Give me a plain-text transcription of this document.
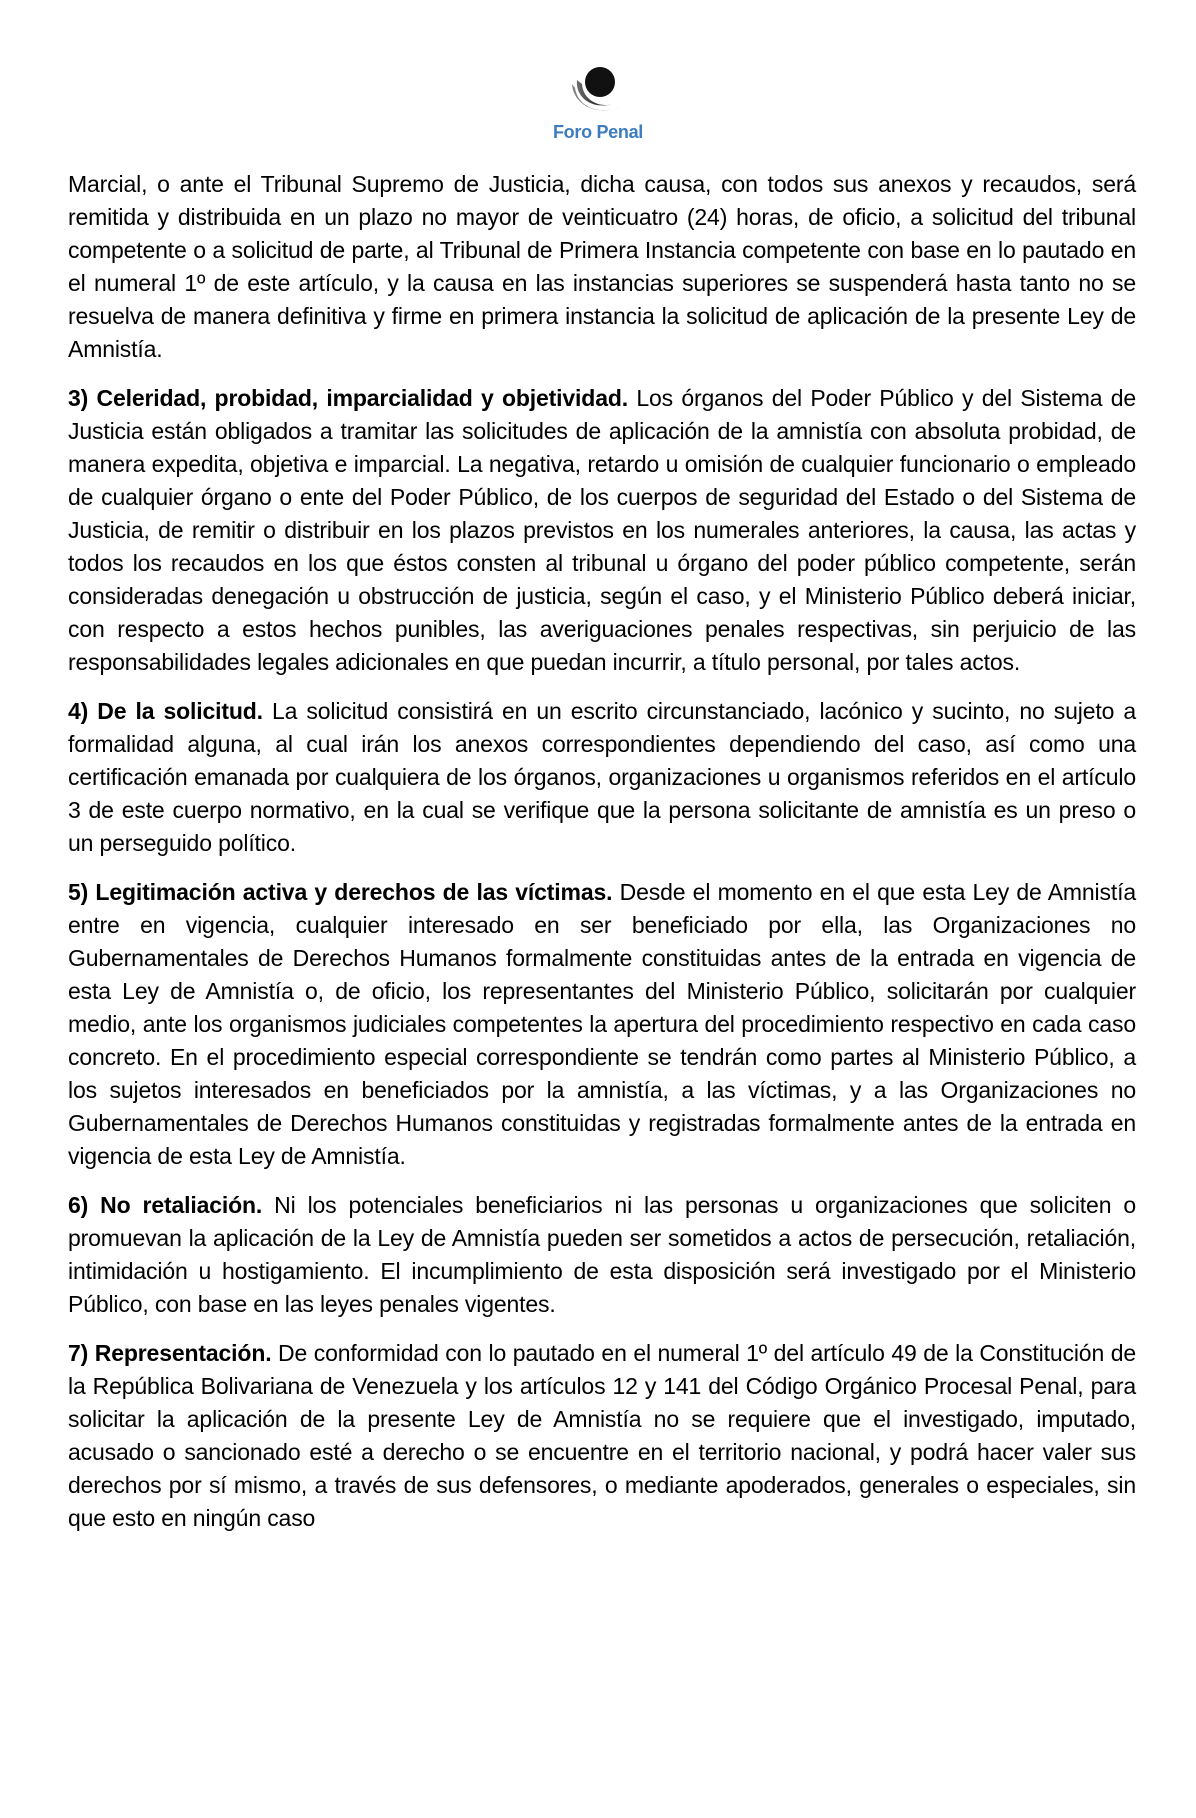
Foro Penal

Marcial, o ante el Tribunal Supremo de Justicia, dicha causa, con todos sus anexos y recaudos, será remitida y distribuida en un plazo no mayor de veinticuatro (24) horas, de oficio, a solicitud del tribunal competente o a solicitud de parte, al Tribunal de Primera Instancia competente con base en lo pautado en el numeral 1º de este artículo, y la causa en las instancias superiores se suspenderá hasta tanto no se resuelva de manera definitiva y firme en primera instancia la solicitud de aplicación de la presente Ley de Amnistía.

3) Celeridad, probidad, imparcialidad y objetividad. Los órganos del Poder Público y del Sistema de Justicia están obligados a tramitar las solicitudes de aplicación de la amnistía con absoluta probidad, de manera expedita, objetiva e imparcial. La negativa, retardo u omisión de cualquier funcionario o empleado de cualquier órgano o ente del Poder Público, de los cuerpos de seguridad del Estado o del Sistema de Justicia, de remitir o distribuir en los plazos previstos en los numerales anteriores, la causa, las actas y todos los recaudos en los que éstos consten al tribunal u órgano del poder público competente, serán consideradas denegación u obstrucción de justicia, según el caso, y el Ministerio Público deberá iniciar, con respecto a estos hechos punibles, las averiguaciones penales respectivas, sin perjuicio de las responsabilidades legales adicionales en que puedan incurrir, a título personal, por tales actos.

4) De la solicitud. La solicitud consistirá en un escrito circunstanciado, lacónico y sucinto, no sujeto a formalidad alguna, al cual irán los anexos correspondientes dependiendo del caso, así como una certificación emanada por cualquiera de los órganos, organizaciones u organismos referidos en el artículo 3 de este cuerpo normativo, en la cual se verifique que la persona solicitante de amnistía es un preso o un perseguido político.

5) Legitimación activa y derechos de las víctimas. Desde el momento en el que esta Ley de Amnistía entre en vigencia, cualquier interesado en ser beneficiado por ella, las Organizaciones no Gubernamentales de Derechos Humanos formalmente constituidas antes de la entrada en vigencia de esta Ley de Amnistía o, de oficio, los representantes del Ministerio Público, solicitarán por cualquier medio, ante los organismos judiciales competentes la apertura del procedimiento respectivo en cada caso concreto. En el procedimiento especial correspondiente se tendrán como partes al Ministerio Público, a los sujetos interesados en beneficiados por la amnistía, a las víctimas, y a las Organizaciones no Gubernamentales de Derechos Humanos constituidas y registradas formalmente antes de la entrada en vigencia de esta Ley de Amnistía.

6) No retaliación. Ni los potenciales beneficiarios ni las personas u organizaciones que soliciten o promuevan la aplicación de la Ley de Amnistía pueden ser sometidos a actos de persecución, retaliación, intimidación u hostigamiento. El incumplimiento de esta disposición será investigado por el Ministerio Público, con base en las leyes penales vigentes.

7) Representación. De conformidad con lo pautado en el numeral 1º del artículo 49 de la Constitución de la República Bolivariana de Venezuela y los artículos 12 y 141 del Código Orgánico Procesal Penal, para solicitar la aplicación de la presente Ley de Amnistía no se requiere que el investigado, imputado, acusado o sancionado esté a derecho o se encuentre en el territorio nacional, y podrá hacer valer sus derechos por sí mismo, a través de sus defensores, o mediante apoderados, generales o especiales, sin que esto en ningún caso
